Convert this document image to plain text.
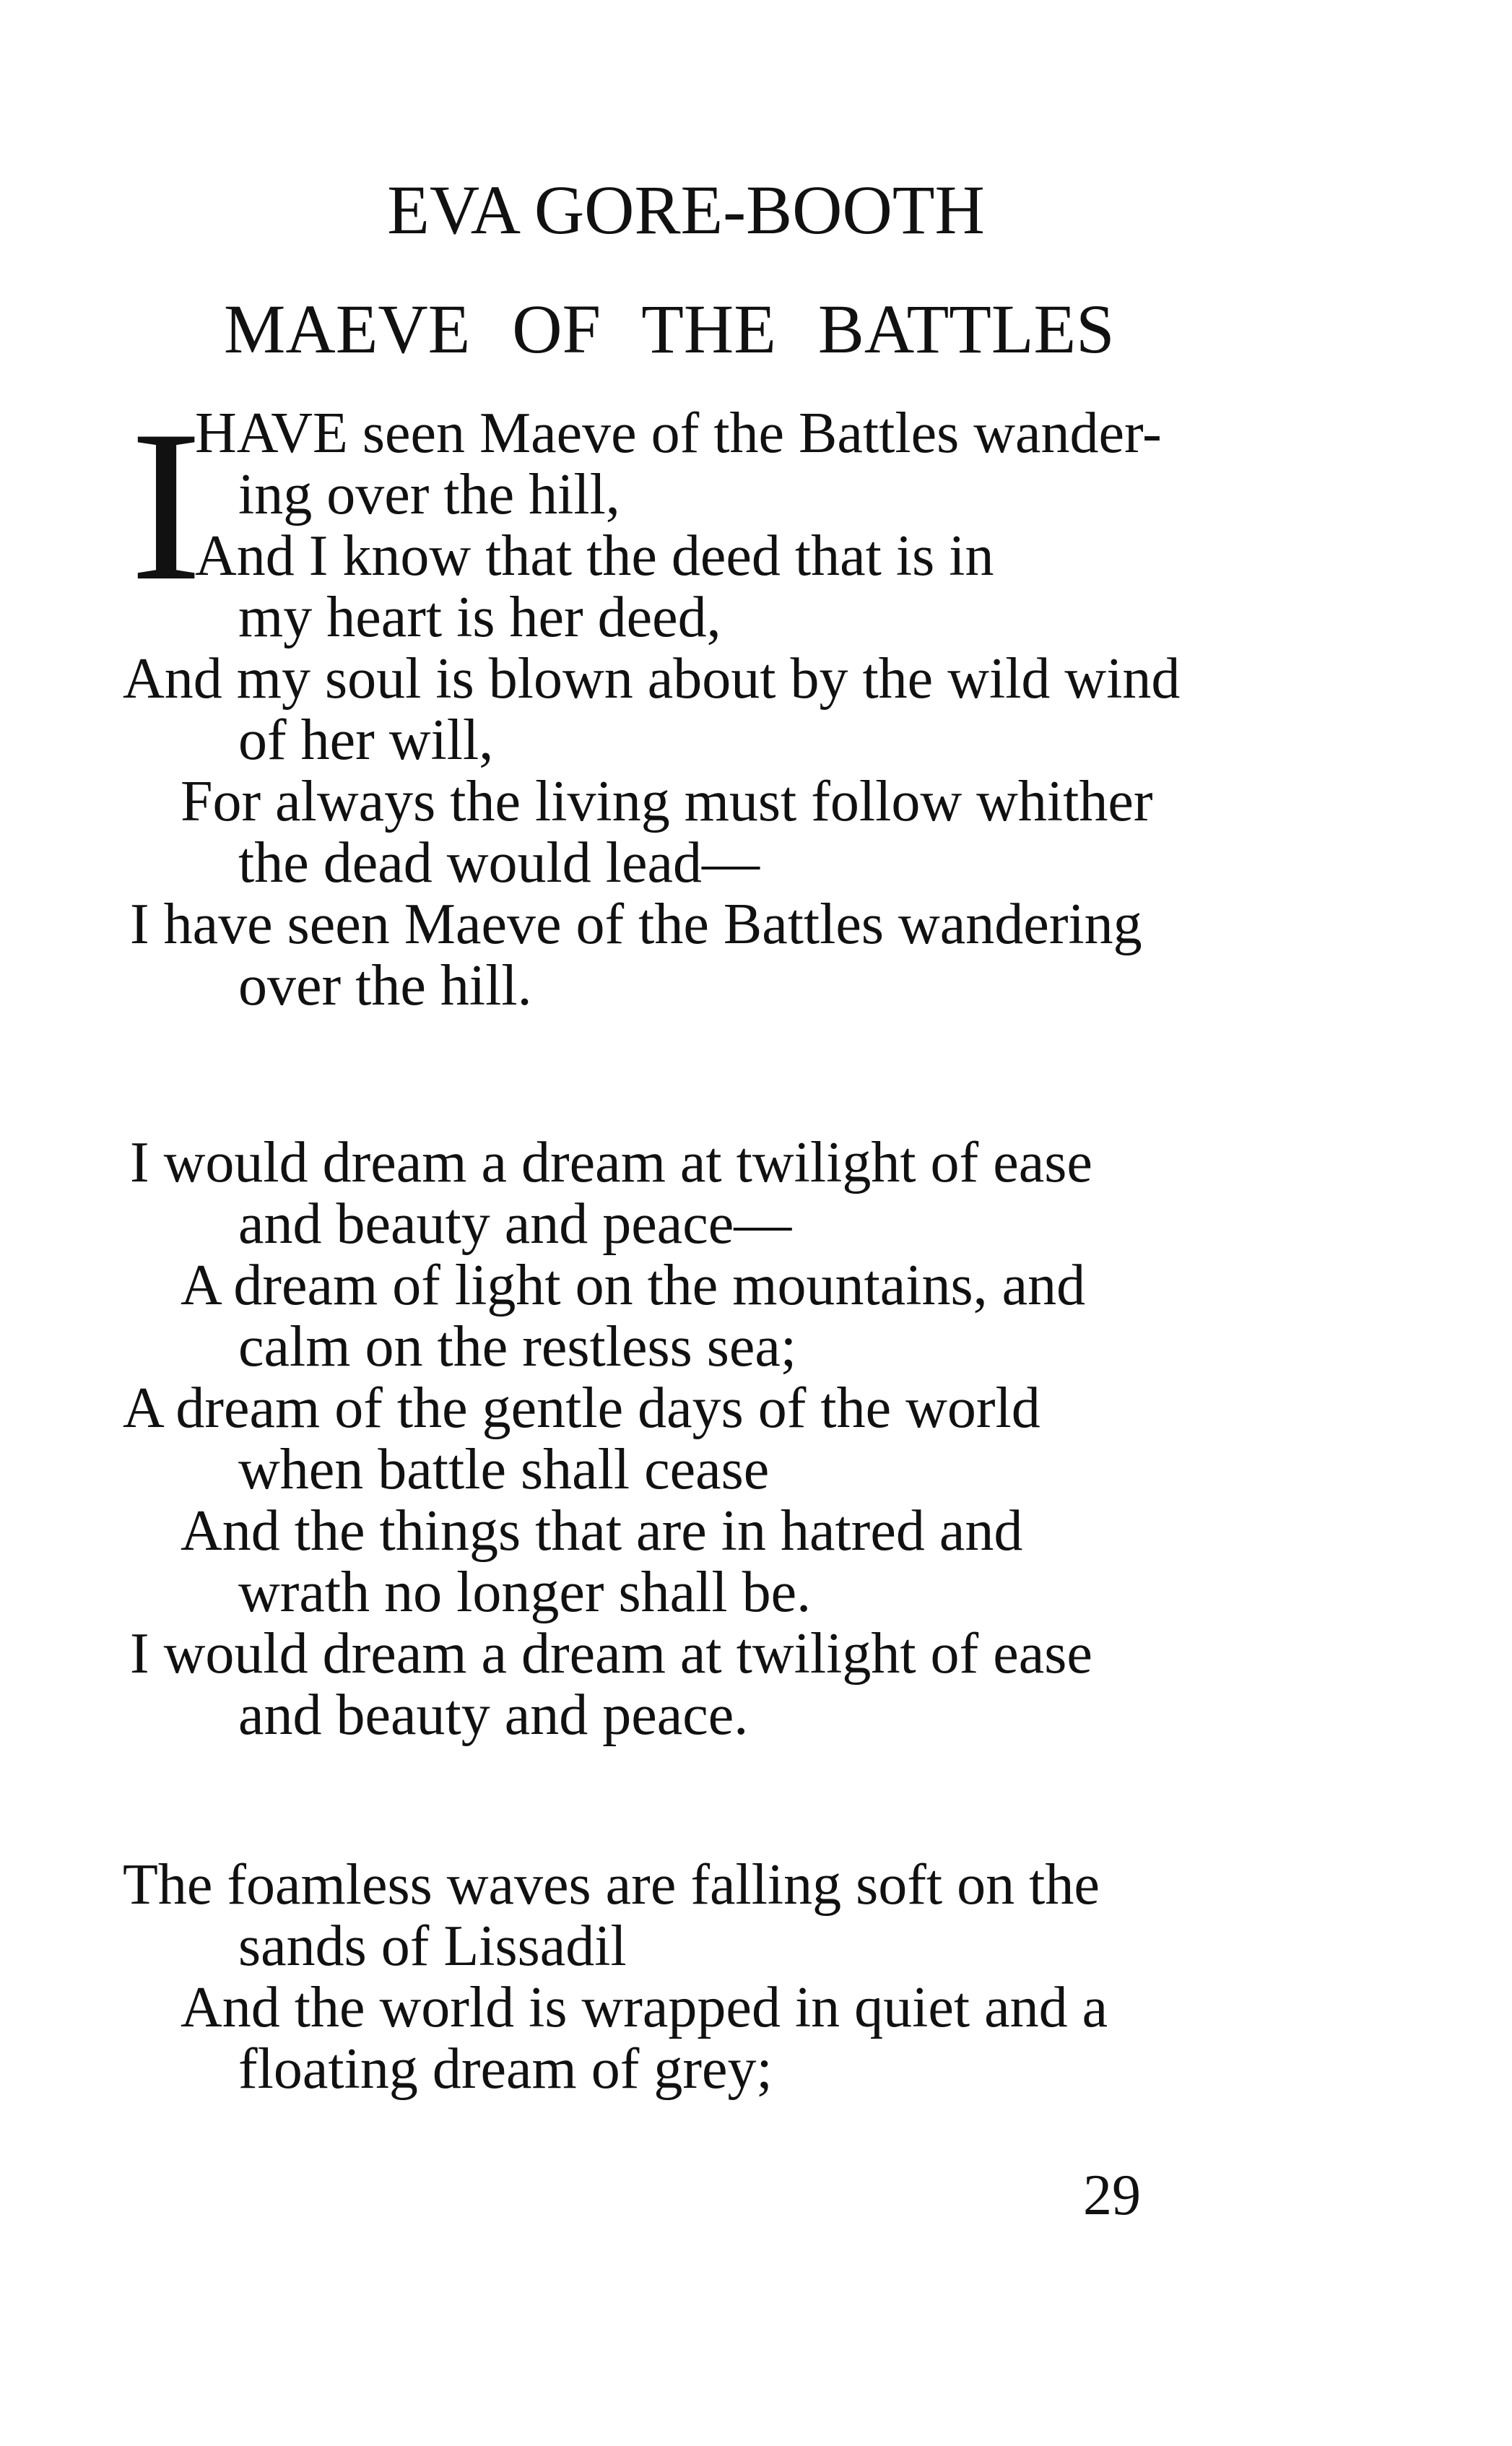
EVA GORE-BOOTH
MAEVE OF THE BATTLES
I
HAVE seen Maeve of the Battles wander-
ing over the hill,
And I know that the deed that is in
my heart is her deed,
And my soul is blown about by the wild wind
of her will,
For always the living must follow whither
the dead would lead—
I have seen Maeve of the Battles wandering
over the hill.
I would dream a dream at twilight of ease
and beauty and peace—
A dream of light on the mountains, and
calm on the restless sea;
A dream of the gentle days of the world
when battle shall cease
And the things that are in hatred and
wrath no longer shall be.
I would dream a dream at twilight of ease
and beauty and peace.
The foamless waves are falling soft on the
sands of Lissadil
And the world is wrapped in quiet and a
floating dream of grey;
29
